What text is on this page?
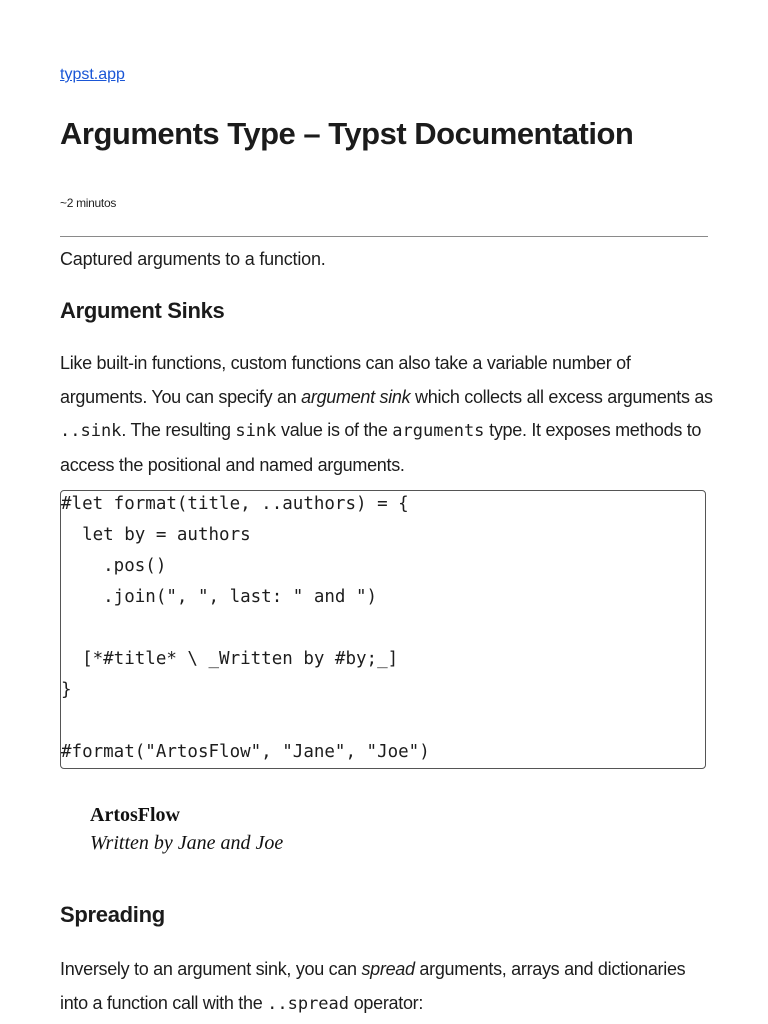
typst.app
Arguments Type – Typst Documentation
~2 minutos
Captured arguments to a function.
Argument Sinks
Like built-in functions, custom functions can also take a variable number of arguments. You can specify an argument sink which collects all excess arguments as ..sink. The resulting sink value is of the arguments type. It exposes methods to access the positional and named arguments.
#let format(title, ..authors) = {
let by = authors
.pos()
.join(", ", last: " and ")
[*#title* \ _Written by #by;_]
}
#format("ArtosFlow", "Jane", "Joe")
ArtosFlow
Written by Jane and Joe
Spreading
Inversely to an argument sink, you can spread arguments, arrays and dictionaries into a function call with the ..spread operator:
